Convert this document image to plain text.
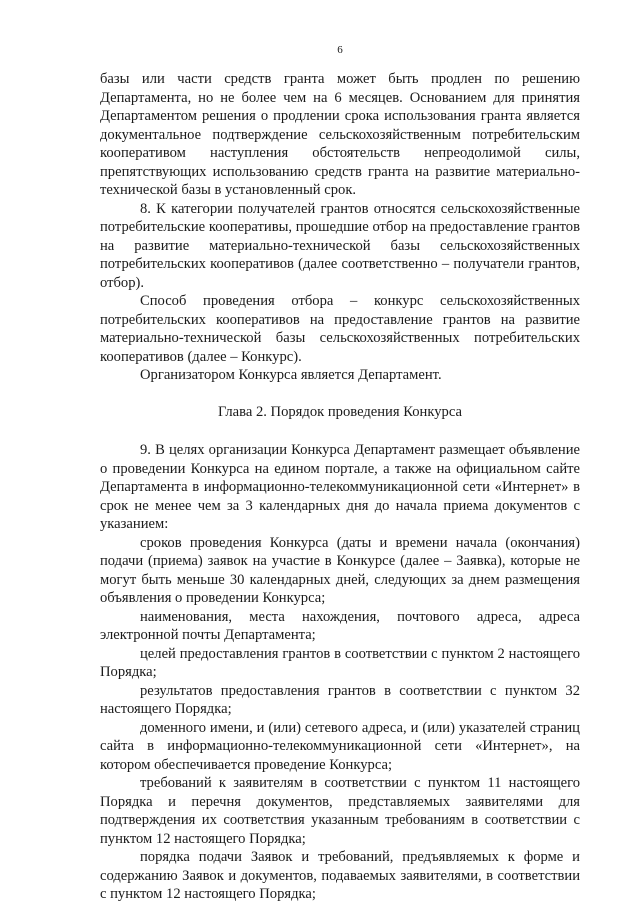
6

базы или части средств гранта может быть продлен по решению Департамента, но не более чем на 6 месяцев. Основанием для принятия Департаментом решения о продлении срока использования гранта является документальное подтверждение сельскохозяйственным потребительским кооперативом наступления обстоятельств непреодолимой силы, препятствующих использованию средств гранта на развитие материально-технической базы в установленный срок.

8. К категории получателей грантов относятся сельскохозяйственные потребительские кооперативы, прошедшие отбор на предоставление грантов на развитие материально-технической базы сельскохозяйственных потребительских кооперативов (далее соответственно – получатели грантов, отбор).

Способ проведения отбора – конкурс сельскохозяйственных потребительских кооперативов на предоставление грантов на развитие материально-технической базы сельскохозяйственных потребительских кооперативов (далее – Конкурс).

Организатором Конкурса является Департамент.

Глава 2. Порядок проведения Конкурса

9. В целях организации Конкурса Департамент размещает объявление о проведении Конкурса на едином портале, а также на официальном сайте Департамента в информационно-телекоммуникационной сети «Интернет» в срок не менее чем за 3 календарных дня до начала приема документов с указанием:

сроков проведения Конкурса (даты и времени начала (окончания) подачи (приема) заявок на участие в Конкурсе (далее – Заявка), которые не могут быть меньше 30 календарных дней, следующих за днем размещения объявления о проведении Конкурса;

наименования, места нахождения, почтового адреса, адреса электронной почты Департамента;

целей предоставления грантов в соответствии с пунктом 2 настоящего Порядка;

результатов предоставления грантов в соответствии с пунктом 32 настоящего Порядка;

доменного имени, и (или) сетевого адреса, и (или) указателей страниц сайта в информационно-телекоммуникационной сети «Интернет», на котором обеспечивается проведение Конкурса;

требований к заявителям в соответствии с пунктом 11 настоящего Порядка и перечня документов, представляемых заявителями для подтверждения их соответствия указанным требованиям в соответствии с пунктом 12 настоящего Порядка;

порядка подачи Заявок и требований, предъявляемых к форме и содержанию Заявок и документов, подаваемых заявителями, в соответствии с пунктом 12 настоящего Порядка;
